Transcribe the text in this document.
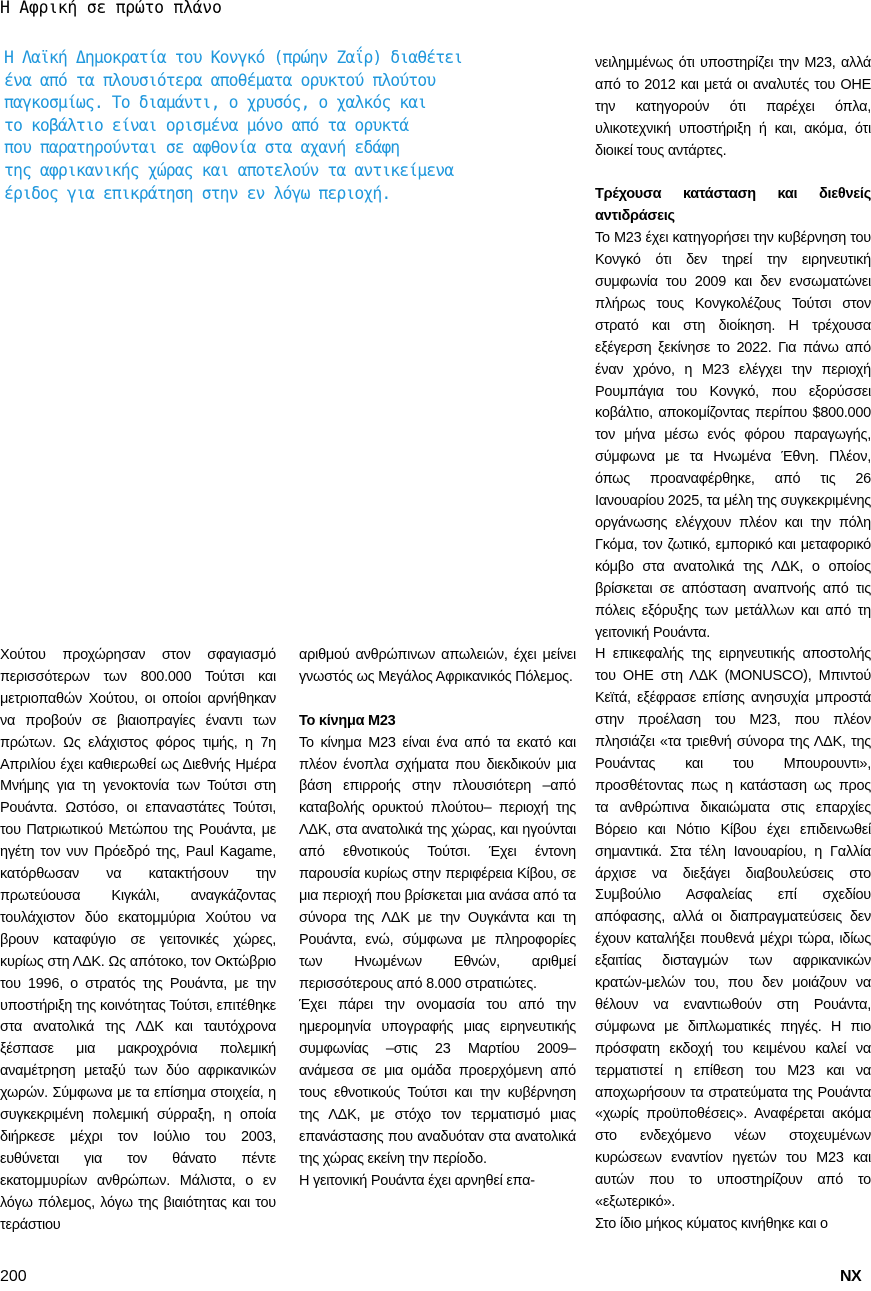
Η Αφρική σε πρώτο πλάνο
Η Λαϊκή Δημοκρατία του Κονγκό (πρώην Ζαΐρ) διαθέτει
ένα από τα πλουσιότερα αποθέματα ορυκτού πλούτου
παγκοσμίως. Το διαμάντι, ο χρυσός, ο χαλκός και
το κοβάλτιο είναι ορισμένα μόνο από τα ορυκτά
που παρατηρούνται σε αφθονία στα αχανή εδάφη
της αφρικανικής χώρας και αποτελούν τα αντικείμενα
έριδος για επικράτηση στην εν λόγω περιοχή.

Χούτου προχώρησαν στον σφαγιασμό περισσότερων των 800.000 Τούτσι και μετριοπαθών Χούτου, οι οποίοι αρνήθηκαν να προβούν σε βιαιοπραγίες έναντι των πρώτων. Ως ελάχιστος φόρος τιμής, η 7η Απριλίου έχει καθιερωθεί ως Διεθνής Ημέρα Μνήμης για τη γενοκτονία των Τούτσι στη Ρουάντα. Ωστόσο, οι επαναστάτες Τούτσι, του Πατριωτικού Μετώπου της Ρουάντα, με ηγέτη τον νυν Πρόεδρό της, Paul Kagame, κατόρθωσαν να κατακτήσουν την πρωτεύουσα Κιγκάλι, αναγκάζοντας τουλάχιστον δύο εκατομμύρια Χούτου να βρουν καταφύγιο σε γειτονικές χώρες, κυρίως στη ΛΔΚ. Ως απότοκο, τον Οκτώβριο του 1996, ο στρατός της Ρουάντα, με την υποστήριξη της κοινότητας Τούτσι, επιτέθηκε στα ανατολικά της ΛΔΚ και ταυτόχρονα ξέσπασε μια μακροχρόνια πολεμική αναμέτρηση μεταξύ των δύο αφρικανικών χωρών. Σύμφωνα με τα επίσημα στοιχεία, η συγκεκριμένη πολεμική σύρραξη, η οποία διήρκεσε μέχρι τον Ιούλιο του 2003, ευθύνεται για τον θάνατο πέντε εκατομμυρίων ανθρώπων. Μάλιστα, ο εν λόγω πόλεμος, λόγω της βιαιότητας και του τεράστιου

αριθμού ανθρώπινων απωλειών, έχει μείνει γνωστός ως Μεγάλος Αφρικανικός Πόλεμος.

Το κίνημα Μ23

Το κίνημα Μ23 είναι ένα από τα εκατό και πλέον ένοπλα σχήματα που διεκδικούν μια βάση επιρροής στην πλουσιότερη –από καταβολής ορυκτού πλούτου– περιοχή της ΛΔΚ, στα ανατολικά της χώρας, και ηγούνται από εθνοτικούς Τούτσι. Έχει έντονη παρουσία κυρίως στην περιφέρεια Κίβου, σε μια περιοχή που βρίσκεται μια ανάσα από τα σύνορα της ΛΔΚ με την Ουγκάντα και τη Ρουάντα, ενώ, σύμφωνα με πληροφορίες των Ηνωμένων Εθνών, αριθμεί περισσότερους από 8.000 στρατιώτες.

Έχει πάρει την ονομασία του από την ημερομηνία υπογραφής μιας ειρηνευτικής συμφωνίας –στις 23 Μαρτίου 2009– ανάμεσα σε μια ομάδα προερχόμενη από τους εθνοτικούς Τούτσι και την κυβέρνηση της ΛΔΚ, με στόχο τον τερματισμό μιας επανάστασης που αναδυόταν στα ανατολικά της χώρας εκείνη την περίοδο.

Η γειτονική Ρουάντα έχει αρνηθεί επα-

νειλημμένως ότι υποστηρίζει την Μ23, αλλά από το 2012 και μετά οι αναλυτές του ΟΗΕ την κατηγορούν ότι παρέχει όπλα, υλικοτεχνική υποστήριξη ή και, ακόμα, ότι διοικεί τους αντάρτες.

Τρέχουσα κατάσταση και διεθνείς αντιδράσεις

Το Μ23 έχει κατηγορήσει την κυβέρνηση του Κονγκό ότι δεν τηρεί την ειρηνευτική συμφωνία του 2009 και δεν ενσωματώνει πλήρως τους Κονγκολέζους Τούτσι στον στρατό και στη διοίκηση. Η τρέχουσα εξέγερση ξεκίνησε το 2022. Για πάνω από έναν χρόνο, η Μ23 ελέγχει την περιοχή Ρουμπάγια του Κονγκό, που εξορύσσει κοβάλτιο, αποκομίζοντας περίπου $800.000 τον μήνα μέσω ενός φόρου παραγωγής, σύμφωνα με τα Ηνωμένα Έθνη. Πλέον, όπως προαναφέρθηκε, από τις 26 Ιανουαρίου 2025, τα μέλη της συγκεκριμένης οργάνωσης ελέγχουν πλέον και την πόλη Γκόμα, τον ζωτικό, εμπορικό και μεταφορικό κόμβο στα ανατολικά της ΛΔΚ, ο οποίος βρίσκεται σε απόσταση αναπνοής από τις πόλεις εξόρυξης των μετάλλων και από τη γειτονική Ρουάντα.

Η επικεφαλής της ειρηνευτικής αποστολής του ΟΗΕ στη ΛΔΚ (MONUSCO), Μπιντού Κεϊτά, εξέφρασε επίσης ανησυχία μπροστά στην προέλαση του Μ23, που πλέον πλησιάζει «τα τριεθνή σύνορα της ΛΔΚ, της Ρουάντας και του Μπουρουντι», προσθέτοντας πως η κατάσταση ως προς τα ανθρώπινα δικαιώματα στις επαρχίες Βόρειο και Νότιο Κίβου έχει επιδεινωθεί σημαντικά. Στα τέλη Ιανουαρίου, η Γαλλία άρχισε να διεξάγει διαβουλεύσεις στο Συμβούλιο Ασφαλείας επί σχεδίου απόφασης, αλλά οι διαπραγματεύσεις δεν έχουν καταλήξει πουθενά μέχρι τώρα, ιδίως εξαιτίας δισταγμών των αφρικανικών κρατών-μελών του, που δεν μοιάζουν να θέλουν να εναντιωθούν στη Ρουάντα, σύμφωνα με διπλωματικές πηγές. Η πιο πρόσφατη εκδοχή του κειμένου καλεί να τερματιστεί η επίθεση του Μ23 και να αποχωρήσουν τα στρατεύματα της Ρουάντα «χωρίς προϋποθέσεις». Αναφέρεται ακόμα στο ενδεχόμενο νέων στοχευμένων κυρώσεων εναντίον ηγετών του Μ23 και αυτών που το υποστηρίζουν από το «εξωτερικό».

Στο ίδιο μήκος κύματος κινήθηκε και ο

200	NX
